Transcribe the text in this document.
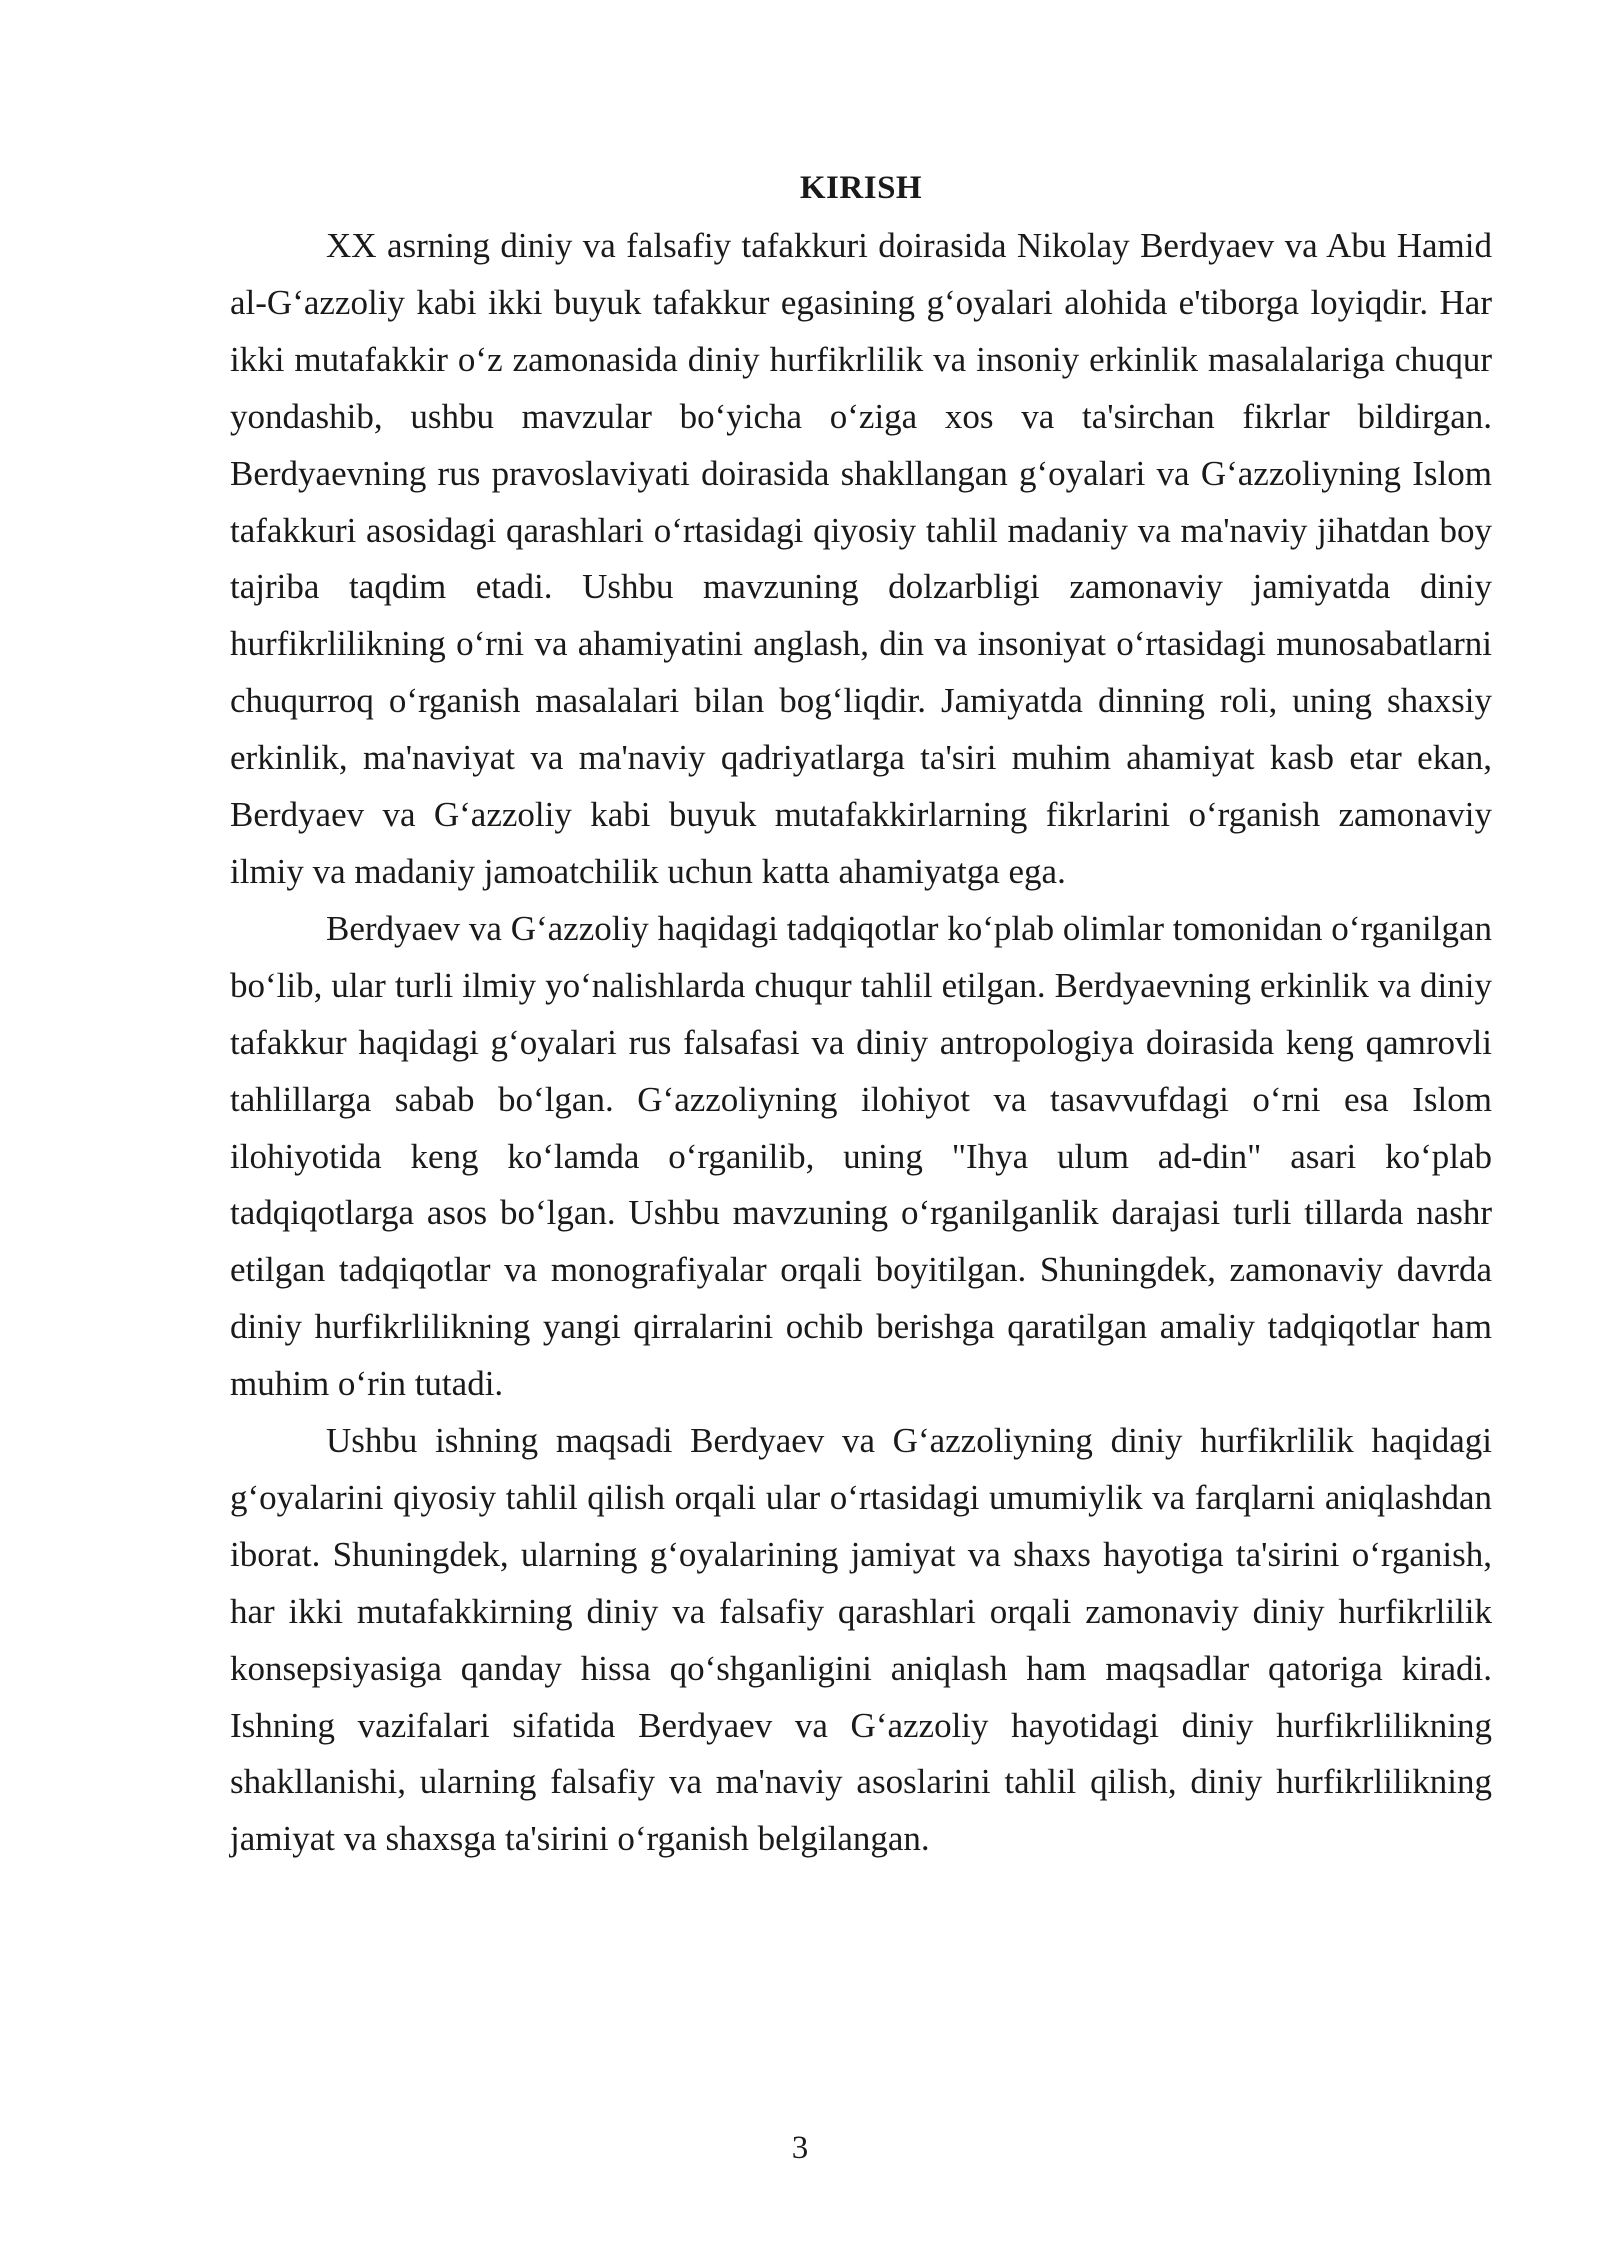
KIRISH

XX asrning diniy va falsafiy tafakkuri doirasida Nikolay Berdyaev va Abu Hamid al-G‘azzoliy kabi ikki buyuk tafakkur egasining g‘oyalari alohida e'tiborga loyiqdir. Har ikki mutafakkir o‘z zamonasida diniy hurfikrlilik va insoniy erkinlik masalalariga chuqur yondashib, ushbu mavzular bo‘yicha o‘ziga xos va ta'sirchan fikrlar bildirgan. Berdyaevning rus pravoslaviyati doirasida shakllangan g‘oyalari va G‘azzoliyning Islom tafakkuri asosidagi qarashlari o‘rtasidagi qiyosiy tahlil madaniy va ma'naviy jihatdan boy tajriba taqdim etadi. Ushbu mavzuning dolzarbligi zamonaviy jamiyatda diniy hurfikrlilikning o‘rni va ahamiyatini anglash, din va insoniyat o‘rtasidagi munosabatlarni chuqurroq o‘rganish masalalari bilan bog‘liqdir. Jamiyatda dinning roli, uning shaxsiy erkinlik, ma'naviyat va ma'naviy qadriyatlarga ta'siri muhim ahamiyat kasb etar ekan, Berdyaev va G‘azzoliy kabi buyuk mutafakkirlarning fikrlarini o‘rganish zamonaviy ilmiy va madaniy jamoatchilik uchun katta ahamiyatga ega.

Berdyaev va G‘azzoliy haqidagi tadqiqotlar ko‘plab olimlar tomonidan o‘rganilgan bo‘lib, ular turli ilmiy yo‘nalishlarda chuqur tahlil etilgan. Berdyaevning erkinlik va diniy tafakkur haqidagi g‘oyalari rus falsafasi va diniy antropologiya doirasida keng qamrovli tahlillarga sabab bo‘lgan. G‘azzoliyning ilohiyot va tasavvufdagi o‘rni esa Islom ilohiyotida keng ko‘lamda o‘rganilib, uning "Ihya ulum ad-din" asari ko‘plab tadqiqotlarga asos bo‘lgan. Ushbu mavzuning o‘rganilganlik darajasi turli tillarda nashr etilgan tadqiqotlar va monografiyalar orqali boyitilgan. Shuningdek, zamonaviy davrda diniy hurfikrlilikning yangi qirralarini ochib berishga qaratilgan amaliy tadqiqotlar ham muhim o‘rin tutadi.

Ushbu ishning maqsadi Berdyaev va G‘azzoliyning diniy hurfikrlilik haqidagi g‘oyalarini qiyosiy tahlil qilish orqali ular o‘rtasidagi umumiylik va farqlarni aniqlashdan iborat. Shuningdek, ularning g‘oyalarining jamiyat va shaxs hayotiga ta'sirini o‘rganish, har ikki mutafakkirning diniy va falsafiy qarashlari orqali zamonaviy diniy hurfikrlilik konsepsiyasiga qanday hissa qo‘shganligini aniqlash ham maqsadlar qatoriga kiradi. Ishning vazifalari sifatida Berdyaev va G‘azzoliy hayotidagi diniy hurfikrlilikning shakllanishi, ularning falsafiy va ma'naviy asoslarini tahlil qilish, diniy hurfikrlilikning jamiyat va shaxsga ta'sirini o‘rganish belgilangan.

3
